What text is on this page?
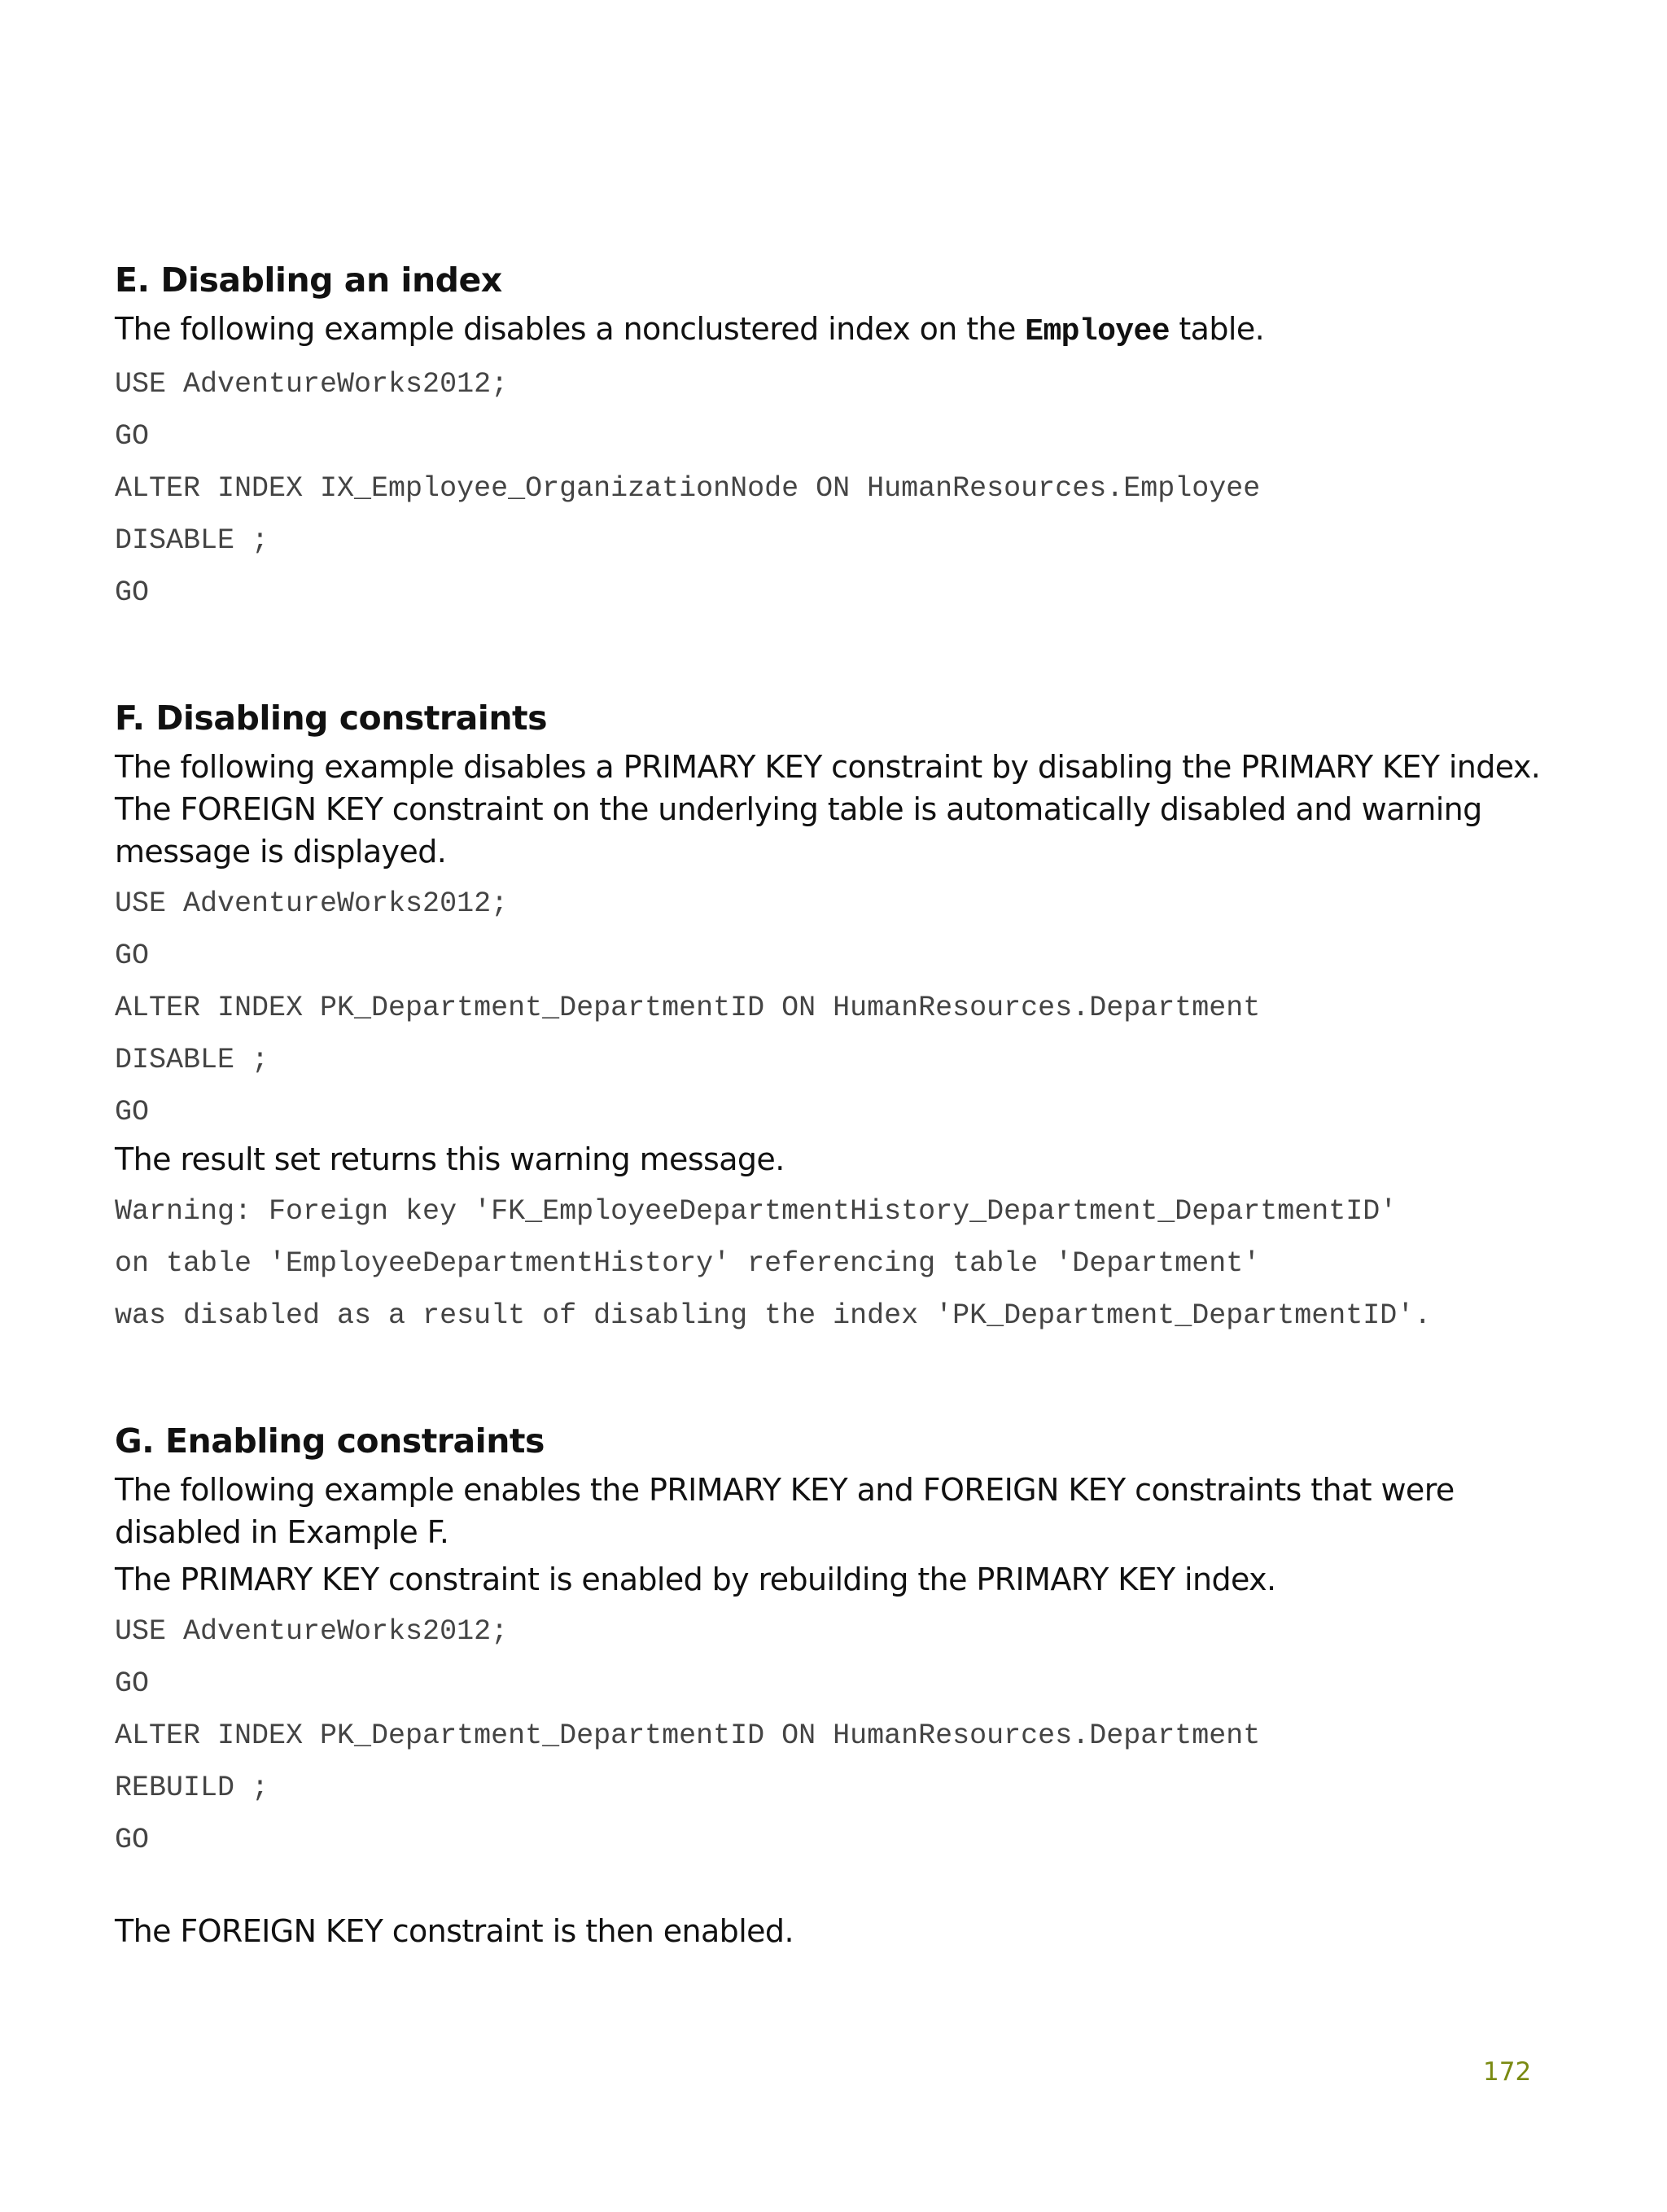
E. Disabling an index

The following example disables a nonclustered index on the Employee table.

USE AdventureWorks2012;

GO

ALTER INDEX IX_Employee_OrganizationNode ON HumanResources.Employee

DISABLE ;

GO

F. Disabling constraints
The following example disables a PRIMARY KEY constraint by disabling the PRIMARY KEY index.
The FOREIGN KEY constraint on the underlying table is automatically disabled and warning
message is displayed.

USE AdventureWorks2012;

GO

ALTER INDEX PK_Department_DepartmentID ON HumanResources.Department

DISABLE ;

GO

The result set returns this warning message.

Warning: Foreign key 'FK_EmployeeDepartmentHistory_Department_DepartmentID'

on table 'EmployeeDepartmentHistory' referencing table 'Department'

was disabled as a result of disabling the index 'PK_Department_DepartmentID'.

G. Enabling constraints
The following example enables the PRIMARY KEY and FOREIGN KEY constraints that were
disabled in Example F.

The PRIMARY KEY constraint is enabled by rebuilding the PRIMARY KEY index.

USE AdventureWorks2012;

GO

ALTER INDEX PK_Department_DepartmentID ON HumanResources.Department

REBUILD ;

GO

The FOREIGN KEY constraint is then enabled.

172
